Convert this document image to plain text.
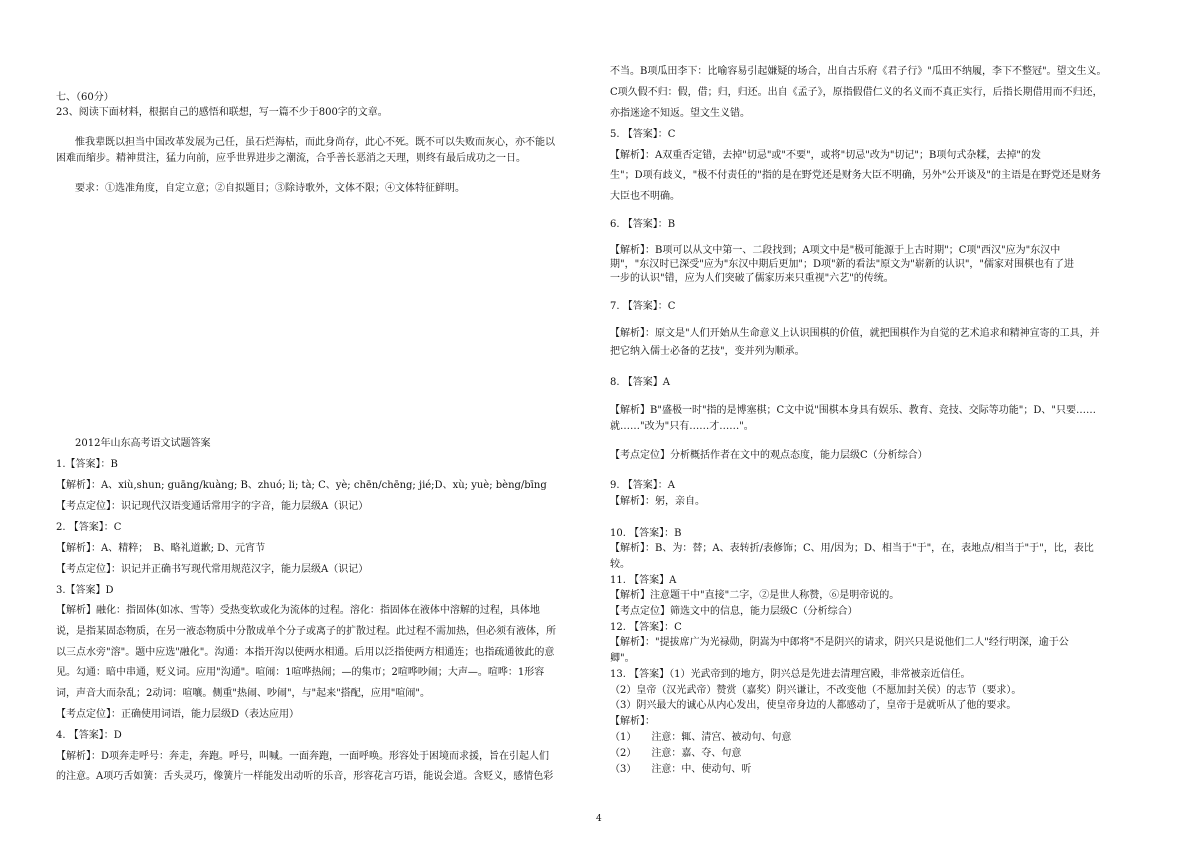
七、（60分）
23、阅读下面材料，根据自己的感悟和联想，写一篇不少于800字的文章。
惟我辈既以担当中国改革发展为己任，虽石烂海枯，而此身尚存，此心不死。既不可以失败而灰心，亦不能以
困难而缩步。精神贯注，猛力向前，应乎世界进步之潮流，合乎善长恶消之天理，则终有最后成功之一日。
要求：①选准角度，自定立意；②自拟题目；③除诗歌外，文体不限；④文体特征鲜明。
2012年山东高考语文试题答案
1.【答案】：B
【解析】：A、xiù,shun; guāng/kuàng; B、zhuó; li; tà; C、yè; chēn/chēng; jié;D、xù; yuè; bèng/bīng
【考点定位】：识记现代汉语变通话常用字的字音，能力层级A（识记）
2. 【答案】：C
【解析】：A、精粹；　B、略礼道歉; D、元宵节
【考点定位】：识记并正确书写现代常用规范汉字，能力层级A（识记）
3.【答案】D
【解析】融化：指固体(如冰、雪等）受热变软或化为流体的过程。溶化：指固体在液体中溶解的过程，具体地
说，是指某固态物质，在另一液态物质中分散成单个分子或离子的扩散过程。此过程不需加热，但必须有液体，所
以三点水旁"溶"。题中应选"融化"。沟通：本指开沟以使两水相通。后用以泛指使两方相通连；也指疏通彼此的意
见。勾通：暗中串通，贬义词。应用"沟通"。喧闹：1喧哗热闹；—的集市；2喧哗吵闹；大声—。喧哗：1形容
词，声音大而杂乱；2动词：喧嚷。侧重"热闹、吵闹"，与"起来"搭配，应用"喧闹"。
【考点定位】：正确使用词语，能力层级D（表达应用）
4. 【答案】：D
【解析】：D项奔走呼号：奔走，奔跑。呼号，叫喊。一面奔跑，一面呼唤。形容处于困境而求援，旨在引起人们
的注意。A项巧舌如簧：舌头灵巧，像簧片一样能发出动听的乐音，形容花言巧语，能说会道。含贬义，感情色彩
不当。B项瓜田李下：比喻容易引起嫌疑的场合，出自古乐府《君子行》"瓜田不纳履，李下不整冠"。望文生义。
C项久假不归：假，借；归，归还。出自《孟子》，原指假借仁义的名义而不真正实行，后指长期借用而不归还，
亦指迷途不知返。望文生义错。
5. 【答案】：C
【解析】：A双重否定错，去掉"切忌"或"不要"，或将"切忌"改为"切记"；B项句式杂糅，去掉"的发
生"；D项有歧义，"极不付责任的"指的是在野党还是财务大臣不明确，另外"公开谈及"的主语是在野党还是财务
大臣也不明确。
6. 【答案】：B
【解析】：B项可以从文中第一、二段找到；A项文中是"极可能源于上古时期"；C项"西汉"应为"东汉中
期"，"东汉时已深受"应为"东汉中期后更加"；D项"新的看法"原文为"崭新的认识"，"儒家对围棋也有了进
一步的认识"错，应为人们突破了儒家历来只重视"六艺"的传统。
7. 【答案】：C
【解析】：原文是"人们开始从生命意义上认识围棋的价值，就把围棋作为自觉的艺术追求和精神宣寄的工具，并
把它纳入儒士必备的艺技"，变并列为顺承。
8. 【答案】A
【解析】B"盛极一时"指的是博塞棋；C文中说"围棋本身具有娱乐、教育、竞技、交际等功能"；D、"只要……
就……"改为"只有……才……"。
【考点定位】分析概括作者在文中的观点态度，能力层级C（分析综合）
9. 【答案】：A
【解析】：躬，亲自。
10. 【答案】：B
【解析】：B、为：替；A、表转折/表修饰；C、用/因为；D、相当于"于"，在，表地点/相当于"于"，比，表比
较。
11. 【答案】A
【解析】注意题干中"直接"二字，②是世人称赞，⑥是明帝说的。
【考点定位】筛选文中的信息，能力层级C（分析综合）
12. 【答案】：C
【解析】："提拔席广为光禄勋，阴嵩为中郎将"不是阴兴的请求，阴兴只是说他们二人"经行明深，逾于公
卿"。
13. 【答案】（1）光武帝到的地方，阴兴总是先进去清理宫殿，非常被亲近信任。
（2）皇帝（汉光武帝）赞赏（嘉奖）阴兴谦让，不改变他（不愿加封关侯）的志节（要求）。
（3）阴兴最大的诚心从内心发出，使皇帝身边的人都感动了，皇帝于是就听从了他的要求。
【解析】：
（1）　　注意：辄、清宫、被动句、句意
（2）　　注意：嘉、夺、句意
（3）　　注意：中、使动句、听
4
